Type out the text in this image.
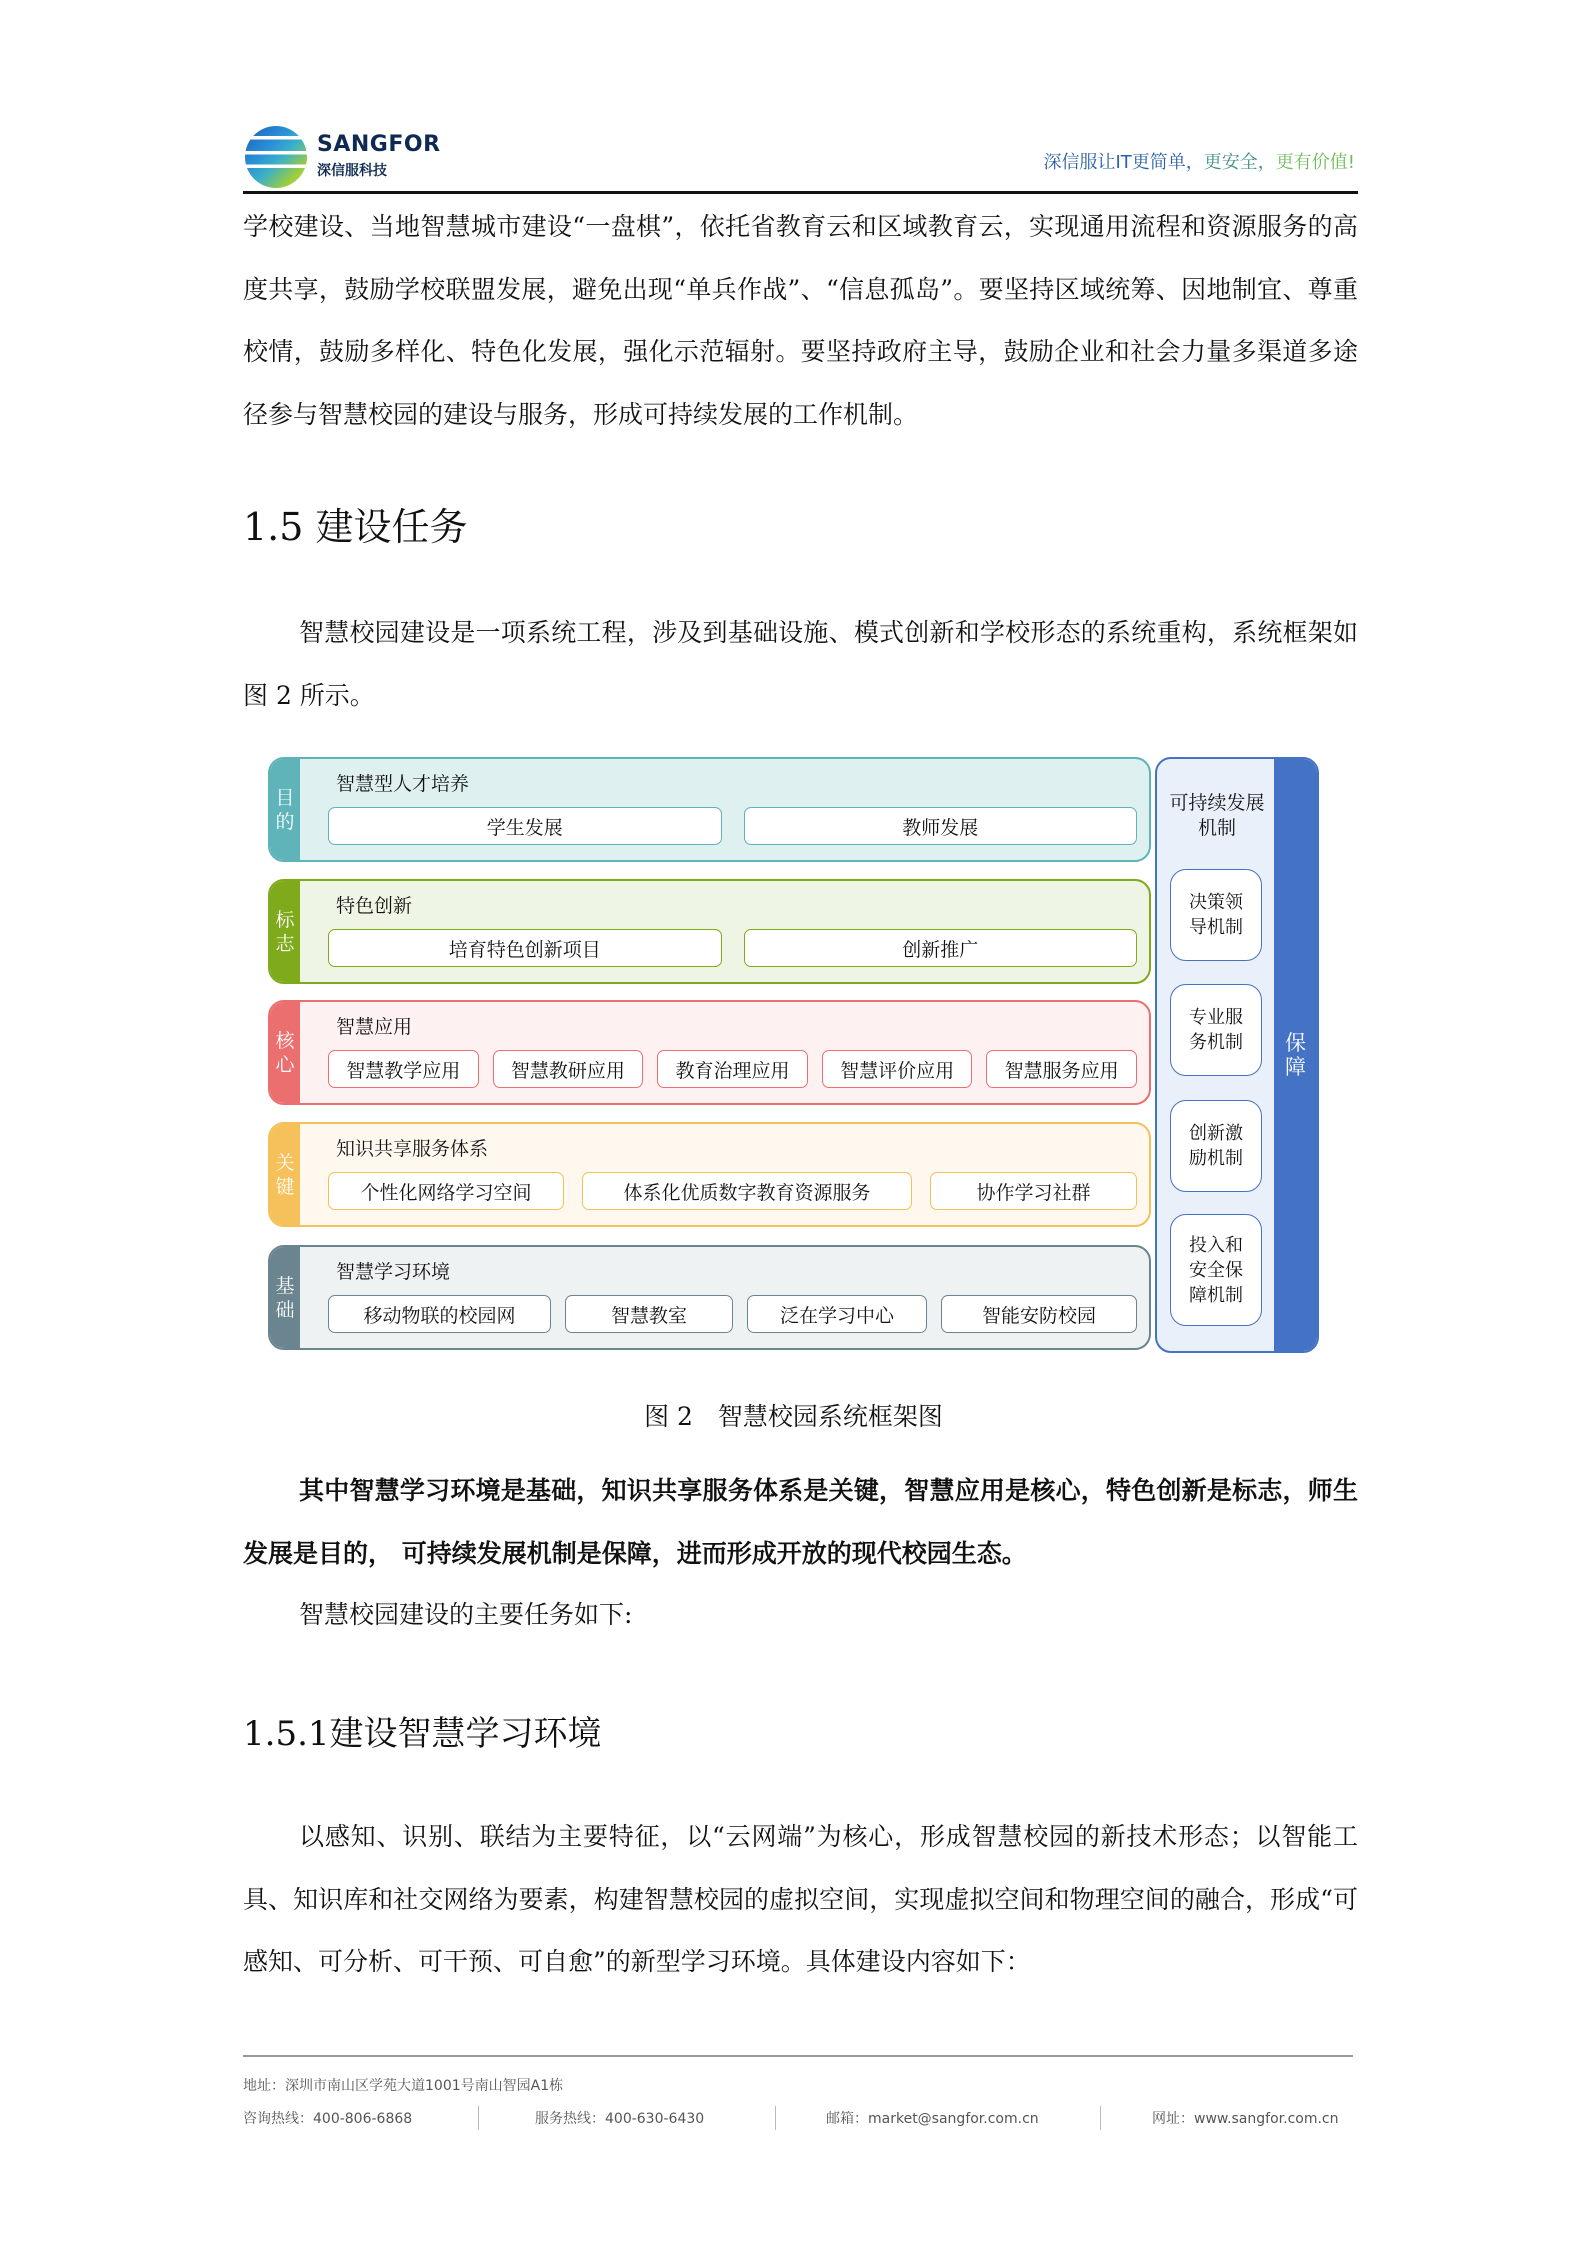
SANGFOR
深信服科技	深信服让IT更简单，更安全，更有价值!
学校建设、当地智慧城市建设“一盘棋”，依托省教育云和区域教育云，实现通用流程和资源服务的高度共享，鼓励学校联盟发展，避免出现“单兵作战”、“信息孤岛”。要坚持区域统筹、因地制宜、尊重校情，鼓励多样化、特色化发展，强化示范辐射。要坚持政府主导，鼓励企业和社会力量多渠道多途径参与智慧校园的建设与服务，形成可持续发展的工作机制。
1.5 建设任务
智慧校园建设是一项系统工程，涉及到基础设施、模式创新和学校形态的系统重构，系统框架如图 2 所示。
目
的
智慧型人才培养
学生发展	教师发展
标
志
特色创新
培育特色创新项目	创新推广
核
心
智慧应用
智慧教学应用	智慧教研应用	教育治理应用	智慧评价应用	智慧服务应用
关
键
知识共享服务体系
个性化网络学习空间	体系化优质数字教育资源服务	协作学习社群
基
础
智慧学习环境
移动物联的校园网	智慧教室	泛在学习中心	智能安防校园
可持续发展机制
决策领导机制
专业服务机制
创新激励机制
投入和安全保障机制
保
障
图 2　智慧校园系统框架图
其中智慧学习环境是基础，知识共享服务体系是关键，智慧应用是核心，特色创新是标志，师生发展是目的， 可持续发展机制是保障，进而形成开放的现代校园生态。
智慧校园建设的主要任务如下:
1.5.1建设智慧学习环境
以感知、识别、联结为主要特征，以“云网端”为核心，形成智慧校园的新技术形态；以智能工具、知识库和社交网络为要素，构建智慧校园的虚拟空间，实现虚拟空间和物理空间的融合，形成“可感知、可分析、可干预、可自愈”的新型学习环境。具体建设内容如下：
地址：深圳市南山区学苑大道1001号南山智园A1栋
咨询热线：400-806-6868	服务热线：400-630-6430	邮箱：market@sangfor.com.cn	网址：www.sangfor.com.cn
